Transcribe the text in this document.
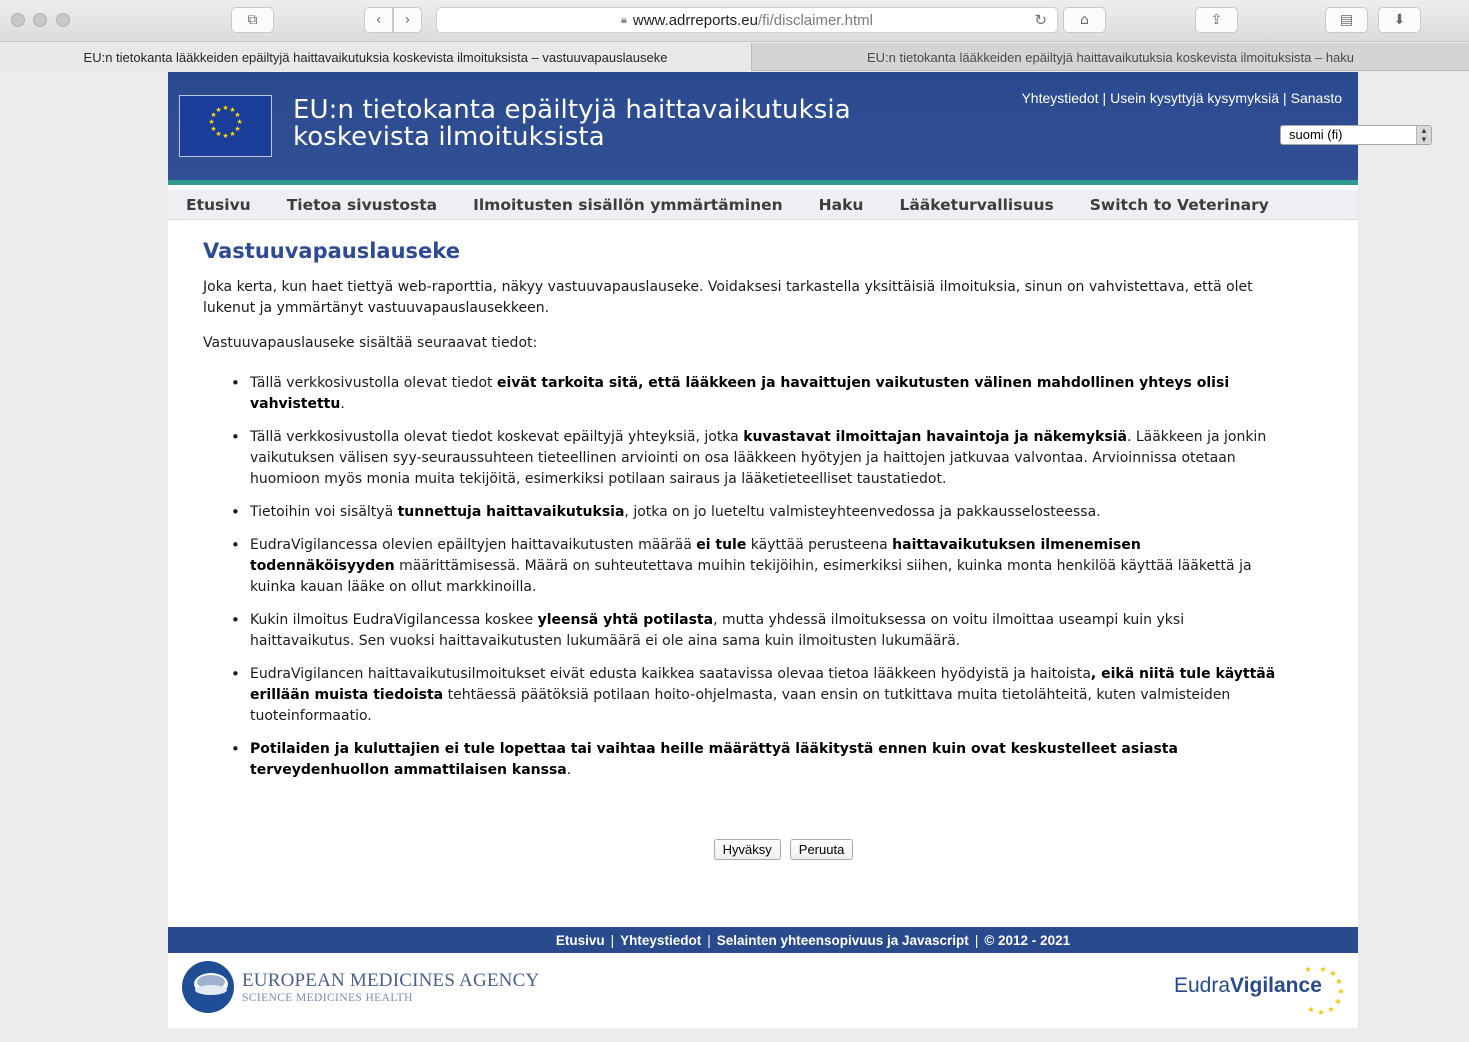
⧉	‹ ›	🔒︎ www.adrreports.eu /fi/disclaimer.html	↻ ⌂	⇪	▤	⬇
EU:n tietokanta lääkkeiden epäiltyjä haittavaikutuksia koskevista ilmoituksista – vastuuvapauslauseke	EU:n tietokanta lääkkeiden epäiltyjä haittavaikutuksia koskevista ilmoituksista – haku
★ ★
★
★
★
★
★
★
★
★
★
★	EU:n tietokanta epäiltyjä haittavaikutuksia
koskevista ilmoituksista
Yhteystiedot | Usein kysyttyjä kysymyksiä | Sanasto
suomi (fi)	▲
▼
Etusivu	Tietoa sivustosta	Ilmoitusten sisällön ymmärtäminen	Haku	Lääketurvallisuus	Switch to Veterinary
Vastuuvapauslauseke

Joka kerta, kun haet tiettyä web-raporttia, näkyy vastuuvapauslauseke. Voidaksesi tarkastella yksittäisiä ilmoituksia, sinun on vahvistettava, että olet lukenut ja ymmärtänyt vastuuvapauslausekkeen.

Vastuuvapauslauseke sisältää seuraavat tiedot:

• Tällä verkkosivustolla olevat tiedot eivät tarkoita sitä, että lääkkeen ja havaittujen vaikutusten välinen mahdollinen yhteys olisi vahvistettu.
• Tällä verkkosivustolla olevat tiedot koskevat epäiltyjä yhteyksiä, jotka kuvastavat ilmoittajan havaintoja ja näkemyksiä. Lääkkeen ja jonkin vaikutuksen välisen syy-seuraussuhteen tieteellinen arviointi on osa lääkkeen hyötyjen ja haittojen jatkuvaa valvontaa. Arvioinnissa otetaan huomioon myös monia muita tekijöitä, esimerkiksi potilaan sairaus ja lääketieteelliset taustatiedot.
• Tietoihin voi sisältyä tunnettuja haittavaikutuksia, jotka on jo lueteltu valmisteyhteenvedossa ja pakkausselosteessa.
• EudraVigilancessa olevien epäiltyjen haittavaikutusten määrää ei tule käyttää perusteena haittavaikutuksen ilmenemisen todennäköisyyden määrittämisessä. Määrä on suhteutettava muihin tekijöihin, esimerkiksi siihen, kuinka monta henkilöä käyttää lääkettä ja kuinka kauan lääke on ollut markkinoilla.
• Kukin ilmoitus EudraVigilancessa koskee yleensä yhtä potilasta, mutta yhdessä ilmoituksessa on voitu ilmoittaa useampi kuin yksi haittavaikutus. Sen vuoksi haittavaikutusten lukumäärä ei ole aina sama kuin ilmoitusten lukumäärä.
• EudraVigilancen haittavaikutusilmoitukset eivät edusta kaikkea saatavissa olevaa tietoa lääkkeen hyödyistä ja haitoista, eikä niitä tule käyttää erillään muista tiedoista tehtäessä päätöksiä potilaan hoito-ohjelmasta, vaan ensin on tutkittava muita tietolähteitä, kuten valmisteiden tuoteinformaatio.
• Potilaiden ja kuluttajien ei tule lopettaa tai vaihtaa heille määrättyä lääkitystä ennen kuin ovat keskustelleet asiasta terveydenhuollon ammattilaisen kanssa.
Hyväksy	Peruuta
Etusivu | Yhteystiedot | Selainten yhteensopivuus ja Javascript | © 2012 - 2021
EUROPEAN MEDICINES AGENCY
SCIENCE MEDICINES HEALTH
★ ★
★
★
★
★
★
★
★
EudraVigilance
